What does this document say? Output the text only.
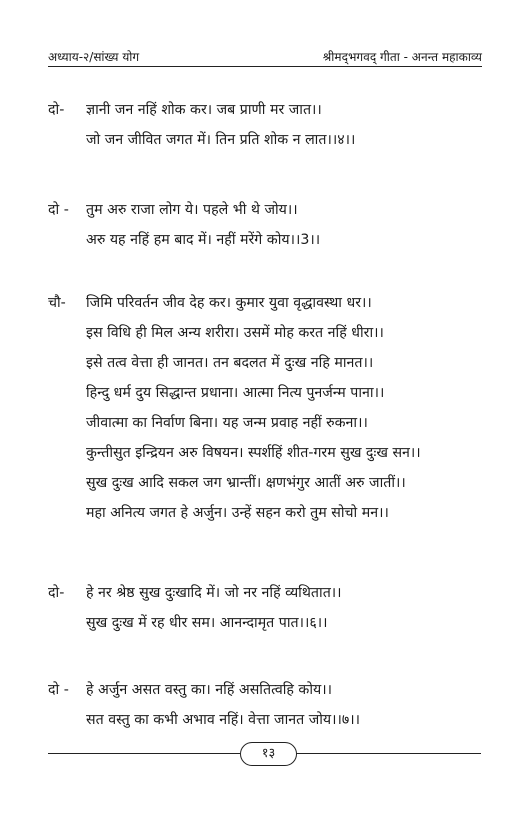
अध्याय-२/सांख्य योग	श्रीमद्‌भगवद् गीता - अनन्त महाकाव्य
दो- ज्ञानी जन नहिं शोक कर। जब प्राणी मर जात।।
जो जन जीवित जगत में। तिन प्रति शोक न लात।।४।।
दो - तुम अरु राजा लोग ये। पहले भी थे जोय।।
अरु यह नहिं हम बाद में। नहीं मरेंगे कोय।।3।।
चौ- जिमि परिवर्तन जीव देह कर। कुमार युवा वृद्धावस्था धर।।
इस विधि ही मिल अन्य शरीरा। उसमें मोह करत नहिं धीरा।।
इसे तत्व वेत्ता ही जानत। तन बदलत में दुःख नहि मानत।।
हिन्दु धर्म दुय सिद्धान्त प्रधाना। आत्मा नित्य पुनर्जन्म पाना।।
जीवात्मा का निर्वाण बिना। यह जन्म प्रवाह नहीं रुकना।।
कुन्तीसुत इन्द्रियन अरु विषयन। स्पर्शहिं शीत-गरम सुख दुःख सन।।
सुख दुःख आदि सकल जग भ्रान्तीं। क्षणभंगुर आतीं अरु जातीं।।
महा अनित्य जगत हे अर्जुन। उन्हें सहन करो तुम सोचो मन।।
दो- हे नर श्रेष्ठ सुख दुःखादि में। जो नर नहिं व्यथितात।।
सुख दुःख में रह धीर सम। आनन्दामृत पात।।६।।
दो - हे अर्जुन असत वस्तु का। नहिं असतित्वहि कोय।।
सत वस्तु का कभी अभाव नहिं। वेत्ता जानत जोय।।७।।
१३
